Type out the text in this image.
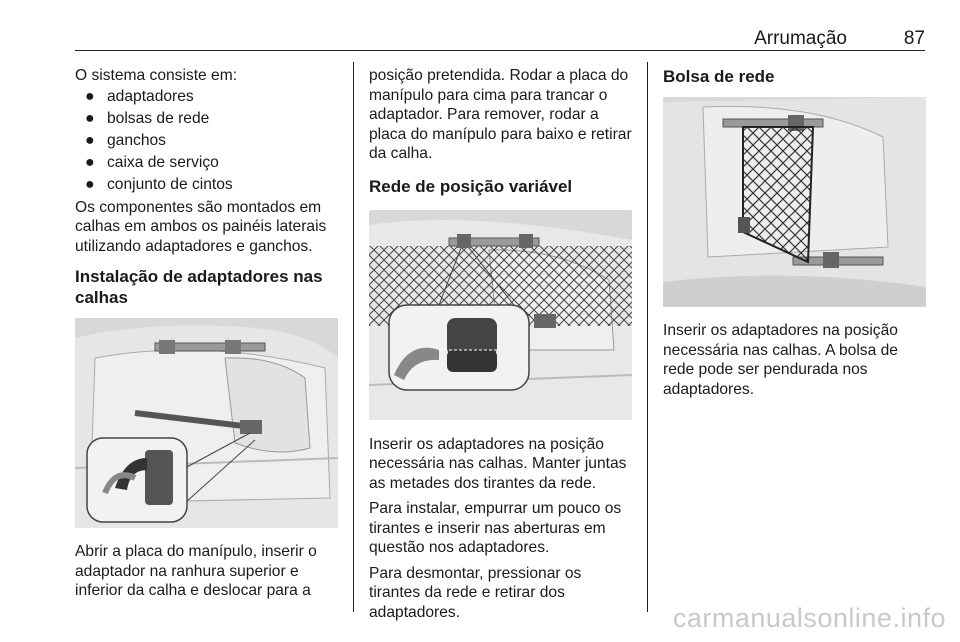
Arrumação	87

O sistema consiste em:

● adaptadores
● bolsas de rede
● ganchos
● caixa de serviço
● conjunto de cintos

Os componentes são montados em calhas em ambos os painéis laterais utilizando adaptadores e ganchos.

Instalação de adaptadores nas calhas

Abrir a placa do manípulo, inserir o adaptador na ranhura superior e inferior da calha e deslocar para a

posição pretendida. Rodar a placa do manípulo para cima para trancar o adaptador. Para remover, rodar a placa do manípulo para baixo e retirar da calha.

Rede de posição variável

Inserir os adaptadores na posição necessária nas calhas. Manter juntas as metades dos tirantes da rede.

Para instalar, empurrar um pouco os tirantes e inserir nas aberturas em questão nos adaptadores.

Para desmontar, pressionar os tirantes da rede e retirar dos adaptadores.

Bolsa de rede

Inserir os adaptadores na posição necessária nas calhas. A bolsa de rede pode ser pendurada nos adaptadores.

carmanualsonline.info
